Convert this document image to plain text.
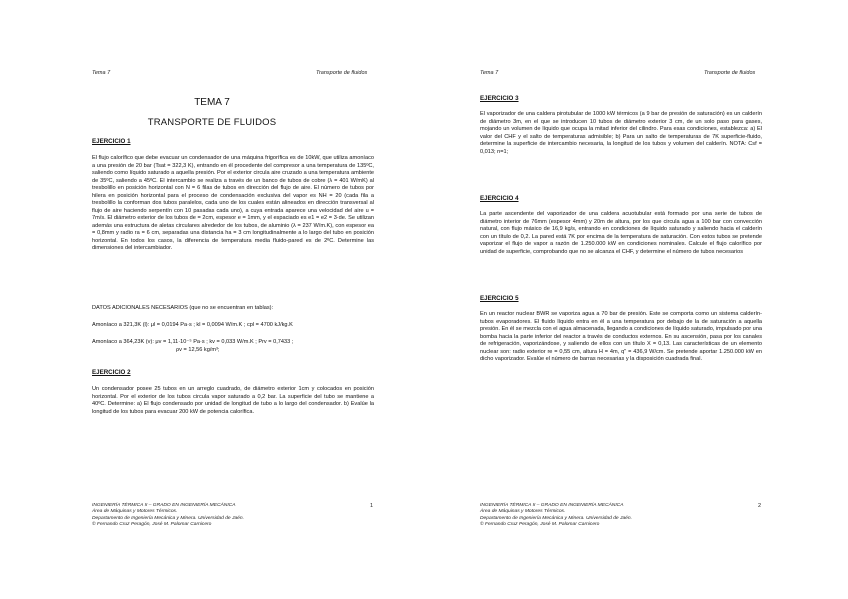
Tema 7	Transporte de fluidos
TEMA 7
TRANSPORTE DE FLUIDOS
EJERCICIO 1
El flujo calorífico que debe evacuar un condensador de una máquina frigorífica es de 10kW, que utiliza amoníaco a una presión de 20 bar (Tsat = 322,3 K), entrando en él procedente del compresor a una temperatura de 135ºC, saliendo como líquido saturado a aquella presión. Por el exterior circula aire cruzado a una temperatura ambiente de 35ºC, saliendo a 45ºC. El intercambio se realiza a través de un banco de tubos de cobre (λ = 401 W/mK) al tresbolillo en posición horizontal con N = 6 filas de tubos en dirección del flujo de aire. El número de tubos por hilera en posición horizontal para el proceso de condensación exclusiva del vapor es NH = 20 (cada fila a tresbolillo la conforman dos tubos paralelos, cada uno de los cuales están alineados en dirección transversal al flujo de aire haciendo serpentín con 10 pasadas cada uno), a cuya entrada aparece una velocidad del aire u = 7m/s. El diámetro exterior de los tubos de = 2cm, espesor e = 1mm, y el espaciado es e1 = e2 = 3·de. Se utilizan además una estructura de aletas circulares alrededor de los tubos, de aluminio (λ = 237 W/m.K), con espesor ea = 0,8mm y radio ra = 6 cm, separadas una distancia ha = 3 cm longitudinalmente a lo largo del tubo en posición horizontal. En todos los casos, la diferencia de temperatura media fluido-pared es de 2ºC. Determine las dimensiones del intercambiador.
DATOS ADICIONALES NECESARIOS (que no se encuentran en tablas):
Amoníaco a 321,3K (l): μl = 0,0194 Pa·s ; kl = 0,0094 W/m.K ; cpl = 4700 kJ/kg.K
Amoníaco a 364,23K (v): μv = 1,11·10⁻⁵ Pa·s ; kv = 0,033 W/m.K ; Prv = 0,7433 ;
ρv = 12,56 kg/m³;
EJERCICIO 2
Un condensador posee 25 tubos en un arreglo cuadrado, de diámetro exterior 1cm y colocados en posición horizontal. Por el exterior de los tubos circula vapor saturado a 0,2 bar. La superficie del tubo se mantiene a 40ºC. Determine: a) El flujo condensado por unidad de longitud de tubo a lo largo del condensador. b) Evalúe la longitud de los tubos para evacuar 200 kW de potencia calorífica.
INGENIERÍA TÉRMICA II – GRADO EN INGENIERÍA MECÁNICA
Área de Máquinas y Motores Térmicos.
Departamento de Ingeniería Mecánica y Minera. Universidad de Jaén.
© Fernando Cruz Peragón, José M. Palomar Carnicero
1
Tema 7	Transporte de fluidos
EJERCICIO 3
El vaporizador de una caldera pirotubular de 1000 kW térmicos (a 9 bar de presión de saturación) es un calderín de diámetro 3m, en el que se introducen 10 tubos de diámetro exterior 3 cm, de un solo paso para gases, mojando un volumen de líquido que ocupa la mitad inferior del cilindro. Para esas condiciones, establezca: a) El valor del CHF y el salto de temperaturas admisible; b) Para un salto de temperaturas de 7K superficie-fluido, determine la superficie de intercambio necesaria, la longitud de los tubos y volumen del calderín. NOTA: Csf = 0,013; n=1;
EJERCICIO 4
La parte ascendente del vaporizador de una caldera acuotubular está formado por una serie de tubos de diámetro interior de 76mm (espesor 4mm) y 20m de altura, por los que circula agua a 100 bar con convección natural, con flujo másico de 16,9 kg/s, entrando en condiciones de líquido saturado y saliendo hacia el calderín con un título de 0,2. La pared está 7K por encima de la temperatura de saturación. Con estos tubos se pretende vaporizar el flujo de vapor a razón de 1.250.000 kW en condiciones nominales. Calcule el flujo calorífico por unidad de superficie, comprobando que no se alcanza el CHF, y determine el número de tubos necesarios
EJERCICIO 5
En un reactor nuclear BWR se vaporiza agua a 70 bar de presión. Este se comporta como un sistema calderín-tubos evaporadores. El fluido líquido entra en él a una temperatura por debajo de la de saturación a aquella presión. En él se mezcla con el agua almacenada, llegando a condiciones de líquido saturado, impulsado por una bomba hacia la parte inferior del reactor a través de conductos externos. En su ascensión, pasa por los canales de refrigeración, vaporizándose, y saliendo de ellos con un título X = 0,13. Las características de un elemento nuclear son: radio exterior re = 0,55 cm, altura H = 4m, q'' = 436,9 W/cm. Se pretende aportar 1.250.000 kW en dicho vaporizador. Evalúe el número de barras necesarias y la disposición cuadrada final.
INGENIERÍA TÉRMICA II – GRADO EN INGENIERÍA MECÁNICA
Área de Máquinas y Motores Térmicos.
Departamento de Ingeniería Mecánica y Minera. Universidad de Jaén.
© Fernando Cruz Peragón, José M. Palomar Carnicero
2
